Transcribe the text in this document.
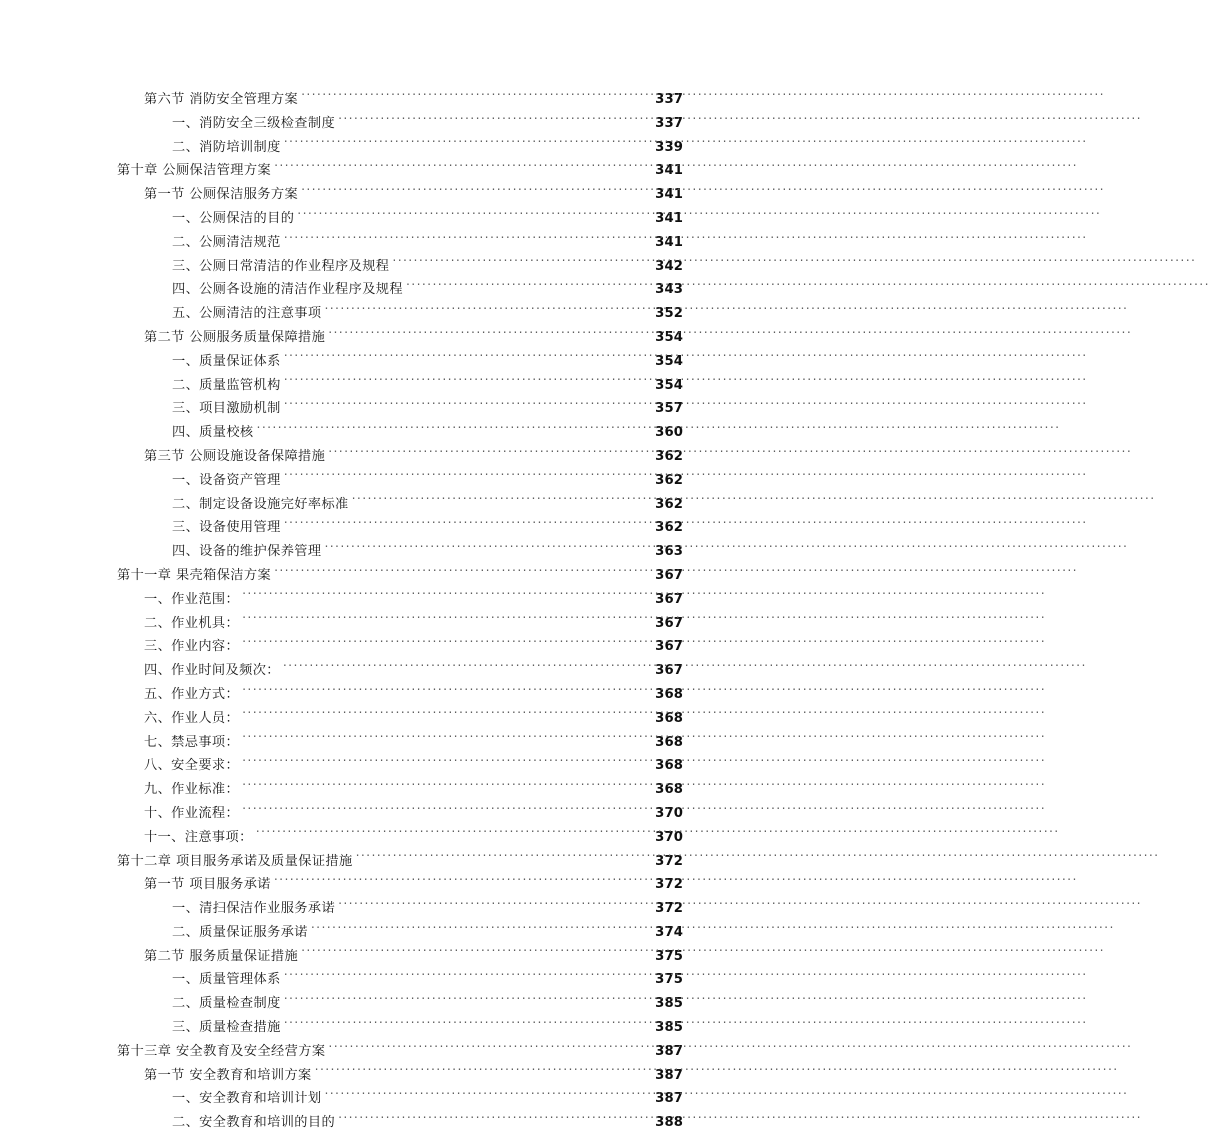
第六节 消防安全管理方案 .....	337
一、消防安全三级检查制度 .....	337
二、消防培训制度 .....	339
第十章 公厕保洁管理方案 .....	341
第一节 公厕保洁服务方案 .....	341
一、公厕保洁的目的 .....	341
二、公厕清洁规范 .....	341
三、公厕日常清洁的作业程序及规程 .....	342
四、公厕各设施的清洁作业程序及规程 .....	343
五、公厕清洁的注意事项 .....	352
第二节 公厕服务质量保障措施 .....	354
一、质量保证体系 .....	354
二、质量监管机构 .....	354
三、项目激励机制 .....	357
四、质量校核 .....	360
第三节 公厕设施设备保障措施 .....	362
一、设备资产管理 .....	362
二、制定设备设施完好率标准 .....	362
三、设备使用管理 .....	362
四、设备的维护保养管理 .....	363
第十一章 果壳箱保洁方案 .....	367
一、作业范围： .....	367
二、作业机具： .....	367
三、作业内容： .....	367
四、作业时间及频次： .....	367
五、作业方式： .....	368
六、作业人员： .....	368
七、禁忌事项： .....	368
八、安全要求： .....	368
九、作业标准： .....	368
十、作业流程： .....	370
十一、注意事项： .....	370
第十二章 项目服务承诺及质量保证措施 .....	372
第一节 项目服务承诺 .....	372
一、清扫保洁作业服务承诺 .....	372
二、质量保证服务承诺 .....	374
第二节 服务质量保证措施 .....	375
一、质量管理体系 .....	375
二、质量检查制度 .....	385
三、质量检查措施 .....	385
第十三章 安全教育及安全经营方案 .....	387
第一节 安全教育和培训方案 .....	387
一、安全教育和培训计划 .....	387
二、安全教育和培训的目的 .....	388
